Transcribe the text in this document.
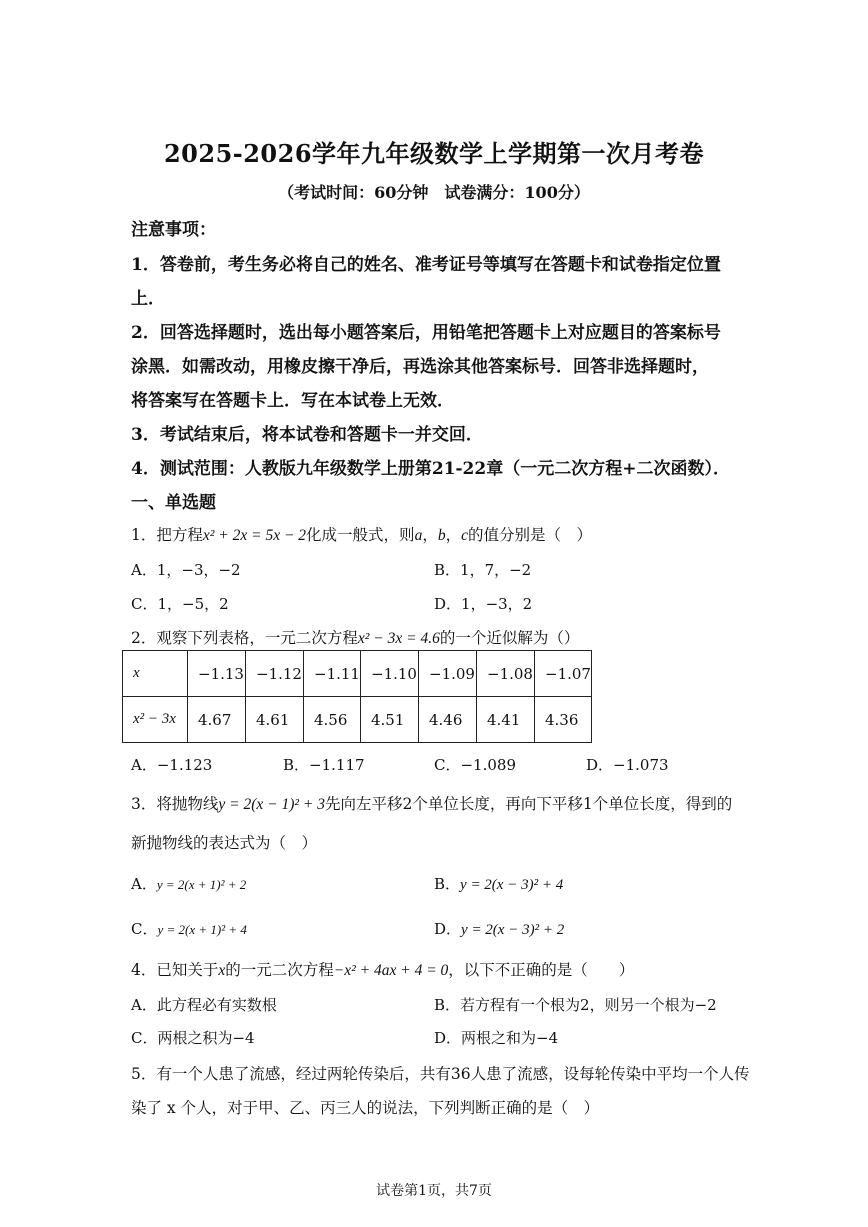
2025-2026学年九年级数学上学期第一次月考卷
（考试时间：60分钟　试卷满分：100分）
注意事项：
1．答卷前，考生务必将自己的姓名、准考证号等填写在答题卡和试卷指定位置
上．
2．回答选择题时，选出每小题答案后，用铅笔把答题卡上对应题目的答案标号
涂黑．如需改动，用橡皮擦干净后，再选涂其他答案标号．回答非选择题时，
将答案写在答题卡上．写在本试卷上无效．
3．考试结束后，将本试卷和答题卡一并交回．
4．测试范围：人教版九年级数学上册第21-22章（一元二次方程+二次函数）．
一、单选题
1．把方程x² + 2x = 5x − 2化成一般式，则a，b，c的值分别是（　）
A．1，−3，−2	B．1，7，−2
C．1，−5，2	D．1，−3，2
2．观察下列表格，一元二次方程x² − 3x = 4.6的一个近似解为（）
x	−1.13	−1.12	−1.11	−1.10	−1.09	−1.08	−1.07
x² − 3x	4.67	4.61	4.56	4.51	4.46	4.41	4.36
A．−1.123	B．−1.117	C．−1.089	D．−1.073
3．将抛物线y = 2(x − 1)² + 3先向左平移2个单位长度，再向下平移1个单位长度，得到的
新抛物线的表达式为（　）
A．y = 2(x + 1)² + 2	B．y = 2(x − 3)² + 4
C．y = 2(x + 1)² + 4	D．y = 2(x − 3)² + 2
4．已知关于x的一元二次方程−x² + 4ax + 4 = 0，以下不正确的是（　　）
A．此方程必有实数根	B．若方程有一个根为2，则另一个根为−2
C．两根之积为−4	D．两根之和为−4
5．有一个人患了流感，经过两轮传染后，共有36人患了流感，设每轮传染中平均一个人传
染了 x 个人，对于甲、乙、丙三人的说法，下列判断正确的是（　）
试卷第1页，共7页
